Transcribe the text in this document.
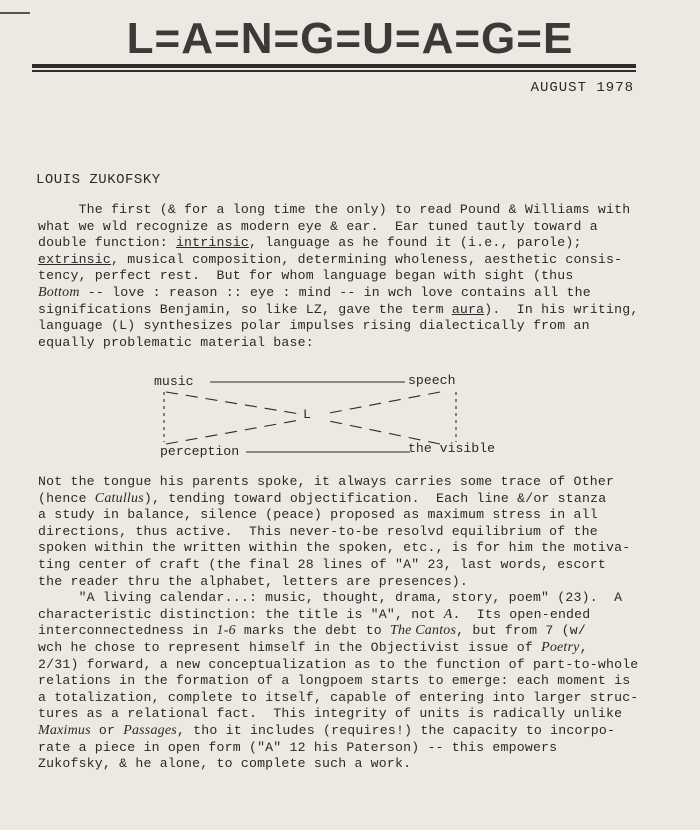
L=A=N=G=U=A=G=E
AUGUST 1978
LOUIS ZUKOFSKY
The first (& for a long time the only) to read Pound & Williams with
what we wld recognize as modern eye & ear.  Ear tuned tautly toward a
double function: intrinsic, language as he found it (i.e., parole);
extrinsic, musical composition, determining wholeness, aesthetic consis-
tency, perfect rest.  But for whom language began with sight (thus
Bottom -- love : reason :: eye : mind -- in wch love contains all the
significations Benjamin, so like LZ, gave the term aura).  In his writing,
language (L) synthesizes polar impulses rising dialectically from an
equally problematic material base:
music	speech
L
perception	the visible
Not the tongue his parents spoke, it always carries some trace of Other
(hence Catullus), tending toward objectification.  Each line &/or stanza
a study in balance, silence (peace) proposed as maximum stress in all
directions, thus active.  This never-to-be resolvd equilibrium of the
spoken within the written within the spoken, etc., is for him the motiva-
ting center of craft (the final 28 lines of "A" 23, last words, escort
the reader thru the alphabet, letters are presences).
"A living calendar...: music, thought, drama, story, poem" (23).  A
characteristic distinction: the title is "A", not A.  Its open-ended
interconnectedness in 1-6 marks the debt to The Cantos, but from 7 (w/
wch he chose to represent himself in the Objectivist issue of Poetry,
2/31) forward, a new conceptualization as to the function of part-to-whole
relations in the formation of a longpoem starts to emerge: each moment is
a totalization, complete to itself, capable of entering into larger struc-
tures as a relational fact.  This integrity of units is radically unlike
Maximus or Passages, tho it includes (requires!) the capacity to incorpo-
rate a piece in open form ("A" 12 his Paterson) -- this empowers
Zukofsky, & he alone, to complete such a work.
